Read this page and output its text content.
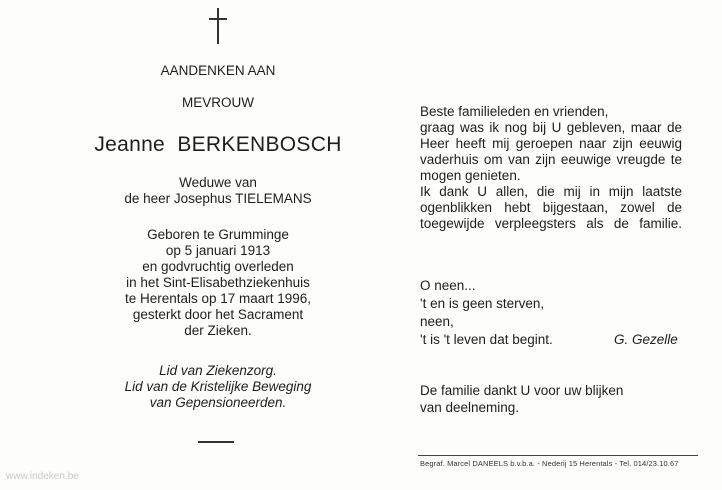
AANDENKEN AAN
MEVROUW
Jeanne BERKENBOSCH
Weduwe van
de heer Josephus TIELEMANS
Geboren te Grumminge
op 5 januari 1913
en godvruchtig overleden
in het Sint-Elisabethziekenhuis
te Herentals op 17 maart 1996,
gesterkt door het Sacrament
der Zieken.
Lid van Ziekenzorg.
Lid van de Kristelijke Beweging
van Gepensioneerden.
Beste familieleden en vrienden,
graag was ik nog bij U gebleven, maar de
Heer heeft mij geroepen naar zijn eeuwig
vaderhuis om van zijn eeuwige vreugde te
mogen genieten.
Ik dank U allen, die mij in mijn laatste
ogenblikken hebt bijgestaan, zowel de
toegewijde verpleegsters als de familie.
O neen...
't en is geen sterven,
neen,
't is 't leven dat begint.	G. Gezelle
De familie dankt U voor uw blijken
van deelneming.
Begraf. Marcel DANEELS b.v.b.a. - Nederij 15 Herentals - Tel. 014/23.10.67
www.indeken.be
